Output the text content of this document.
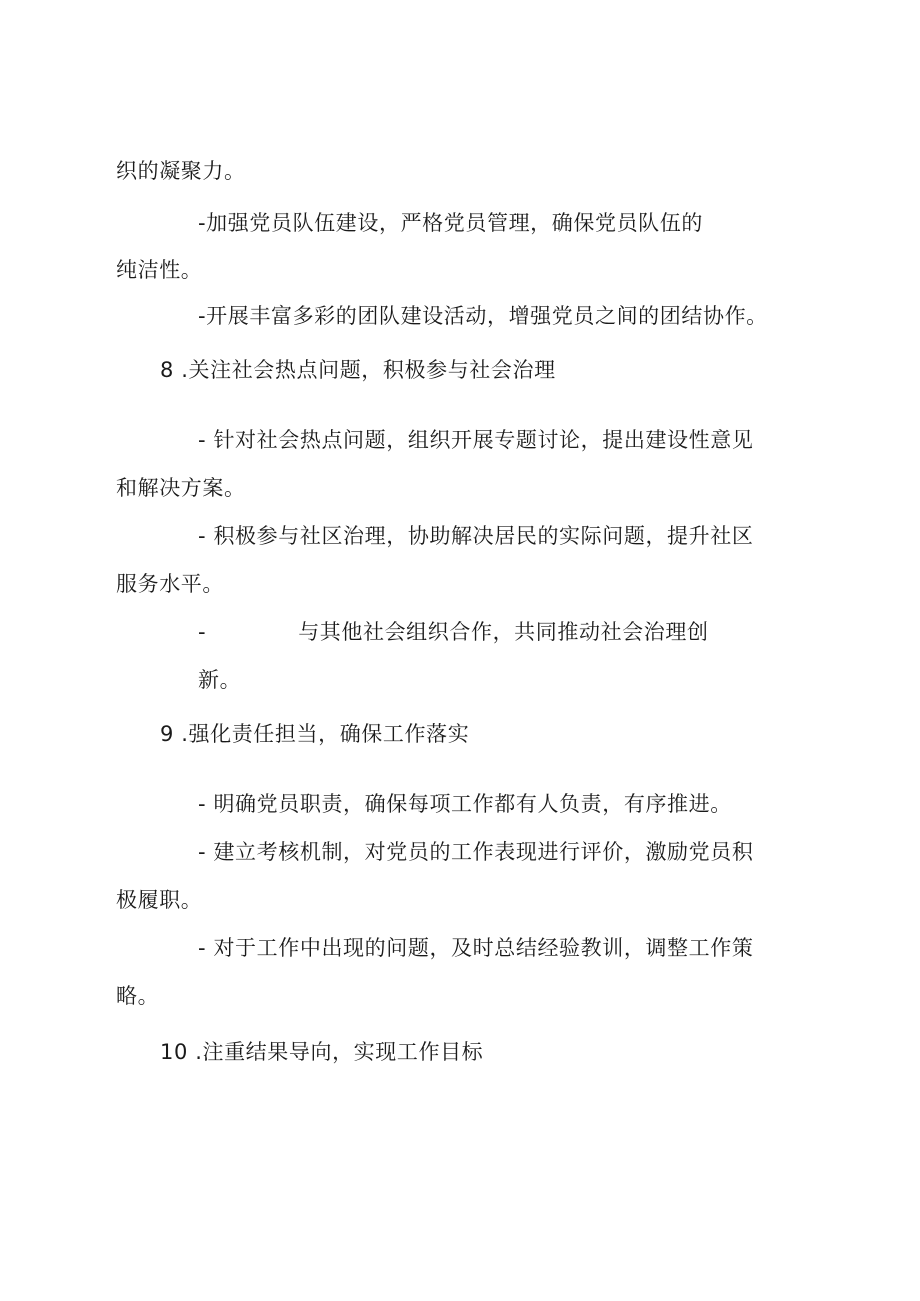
织的凝聚力。
-加强党员队伍建设，严格党员管理，确保党员队伍的
纯洁性。
-开展丰富多彩的团队建设活动，增强党员之间的团结协作。
8 .关注社会热点问题，积极参与社会治理
- 针对社会热点问题，组织开展专题讨论，提出建设性意见
和解决方案。
- 积极参与社区治理，协助解决居民的实际问题，提升社区
服务水平。
-	与其他社会组织合作，共同推动社会治理创
新。
9 .强化责任担当，确保工作落实
- 明确党员职责，确保每项工作都有人负责，有序推进。
- 建立考核机制，对党员的工作表现进行评价，激励党员积
极履职。
- 对于工作中出现的问题，及时总结经验教训，调整工作策
略。
10 .注重结果导向，实现工作目标
